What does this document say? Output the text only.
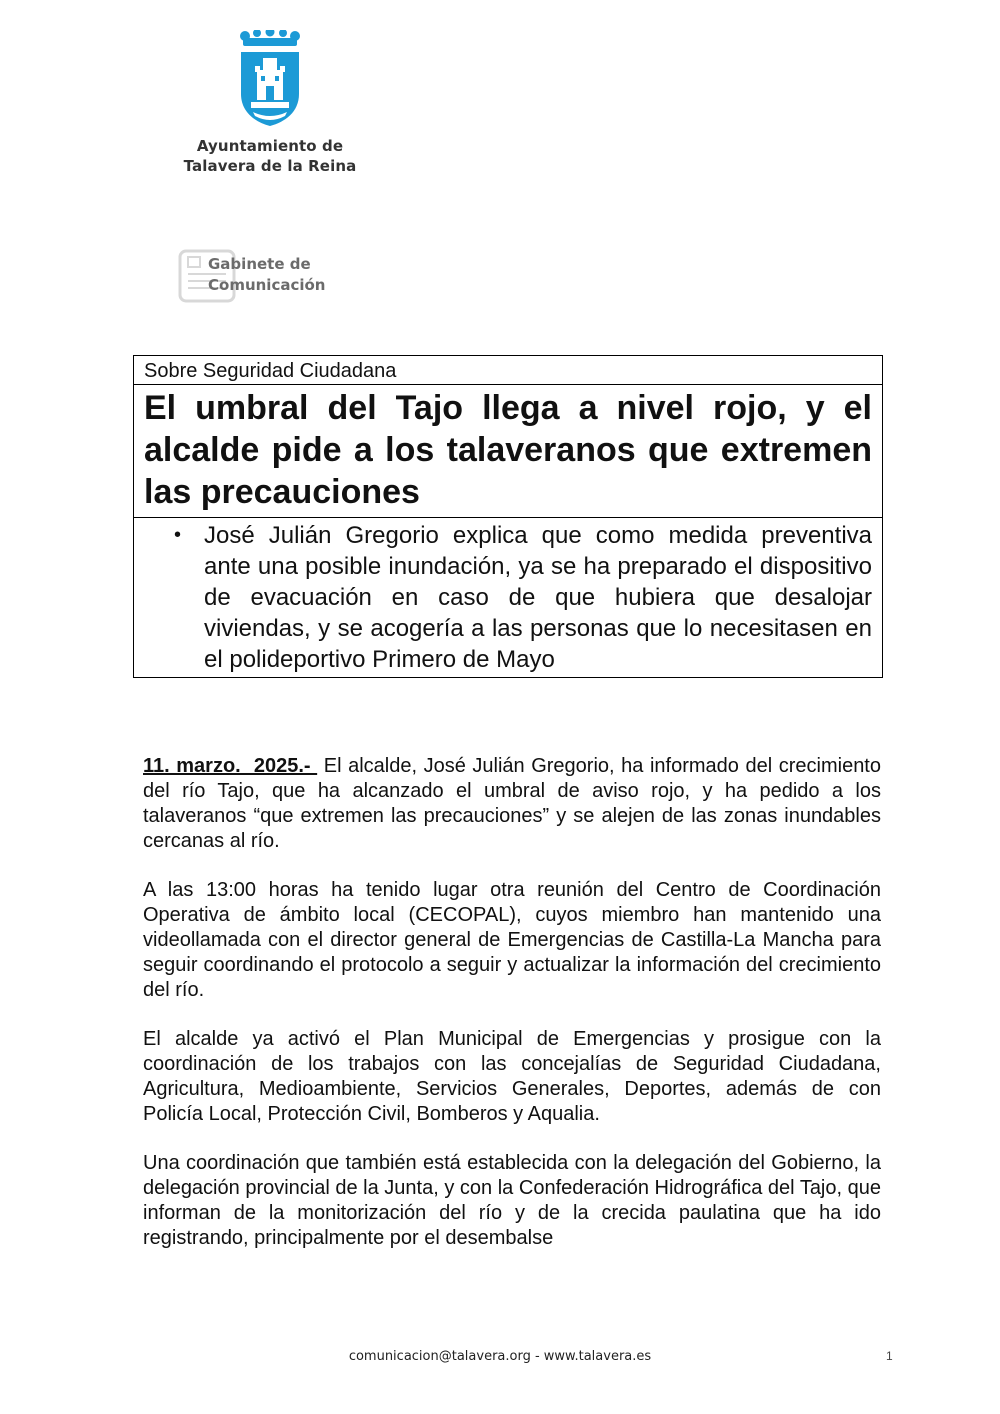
Ayuntamiento de
Talavera de la Reina
Gabinete de
Comunicación
Sobre Seguridad Ciudadana
El umbral del Tajo llega a nivel rojo, y el alcalde pide a los talaveranos que extremen las precauciones
• José Julián Gregorio explica que como medida preventiva ante una posible inundación, ya se ha preparado el dispositivo de evacuación en caso de que hubiera que desalojar viviendas, y se acogería a las personas que lo necesitasen en el polideportivo Primero de Mayo

11. marzo.  2025.-  El alcalde, José Julián Gregorio, ha informado del crecimiento del río Tajo, que ha alcanzado el umbral de aviso rojo, y ha pedido a los talaveranos “que extremen las precauciones” y se alejen de las zonas inundables cercanas al río.

A las 13:00 horas ha tenido lugar otra reunión del Centro de Coordinación Operativa de ámbito local (CECOPAL), cuyos miembro han mantenido una videollamada con el director general de Emergencias de Castilla-La Mancha para seguir coordinando el protocolo a seguir y actualizar la información del crecimiento del río.

El alcalde ya activó el Plan Municipal de Emergencias y prosigue con la coordinación de los trabajos con las concejalías de Seguridad Ciudadana, Agricultura, Medioambiente, Servicios Generales, Deportes, además de con Policía Local, Protección Civil, Bomberos y Aqualia.

Una coordinación que también está establecida con la delegación del Gobierno, la delegación provincial de la Junta, y con la Confederación Hidrográfica del Tajo, que informan de la monitorización del río y de la crecida paulatina que ha ido registrando, principalmente por el desembalse

comunicacion@talavera.org - www.talavera.es	1
